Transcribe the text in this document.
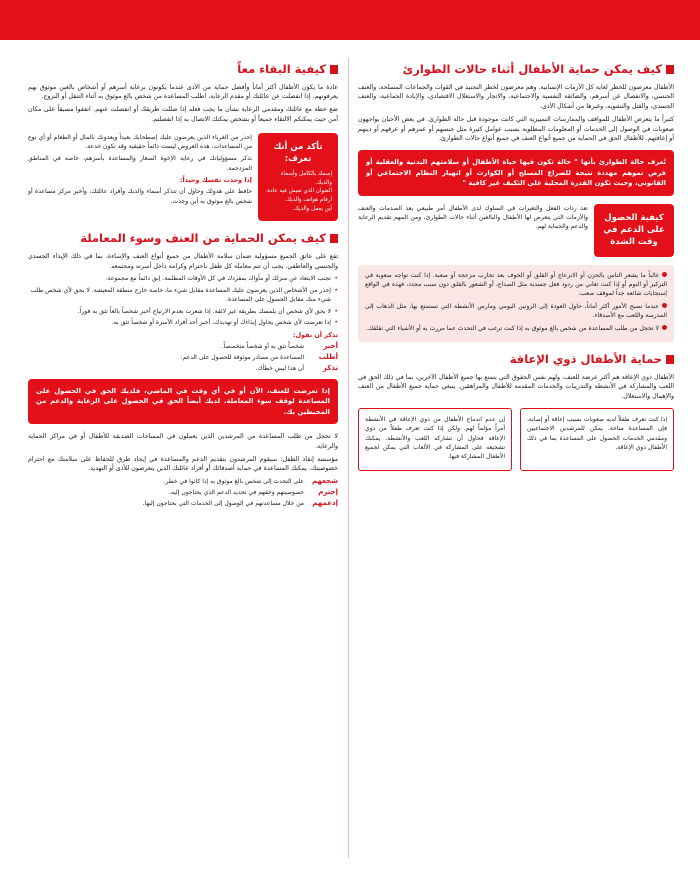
كيف يمكن حماية الأطفال أثناء حالات الطوارئ

الأطفال معرضون للخطر لغاية كل الأزمات الإنسانية. وهم معرضون لخطر التجنيد في القوات والجماعات المسلحة، والعنف الجنسي، والانفصال عن أسرهم، والضائقة النفسية والاجتماعية، والاتجار والاستغلال الاقتصادي، والإبادة الجماعية، والعنف الجسدي، والقتل والتشويه، وغيرها من أشكال الأذى.

كثيراً ما يتعرض الأطفال للمواقف والممارسات التمييزية التي كانت موجودة قبل حالة الطوارئ. في بعض الأحيان يواجهون صعوبات في الوصول إلى الخدمات أو المعلومات المطلوبة بسبب عوامل كثيرة مثل جنسهم أو عمرهم أو عرقهم أو دينهم أو إعاقتهم. للأطفال الحق في الحماية من جميع أنواع العنف في جميع أنواع حالات الطوارئ.

تُعرف حالة الطوارئ بأنها " حالة تكون فيها حياة الأطفال أو سلامتهم البدنية والعقلية أو فرص نموهم مهددة نتيجة للصراع المسلح أو الكوارث أو انهيار النظام الاجتماعي أو القانوني، وحيث تكون القدرة المحلية على التكيف غير كافية "

كيفية الحصول على الدعم في وقت الشدة

تعد ردات الفعل والتغيرات في السلوك لدى الأطفال أمر طبيعي بعد الصدمات والعنف والأزمات التي يتعرض لها الأطفال والبالغين أثناء حالات الطوارئ، ومن المهم تقديم الرعاية والدعم والحماية لهم.

غالباً ما يشعر الناس بالحزن أو الانزعاج أو القلق أو الخوف بعد تجارب مزعجة أو صعبة. إذا كنت تواجه صعوبة في التركيز أو النوم أو إذا كنت تعاني من ردود فعل جسدية مثل الصداع، أو الشعور بالقلق دون سبب محدد، فهذه في الواقع إستجابات شائعة جداً لموقف صعب.

عندما تصبح الأمور أكثر أماناً، حاول العودة إلى الروتين اليومي ومارس الأنشطة التي تستمتع بها، مثل الذهاب إلى المدرسة واللعب مع الأصدقاء.

لا تخجل من طلب المساعدة من شخص بالغ موثوق به إذا كنت ترغب في التحدث عما مررت به أو الأشياء التي تقلقك.

حماية الأطفال ذوي الإعاقة

الأطفال ذوي الإعاقة هم أكثر عرضة للعنف، ولهم نفس الحقوق التي يتمتع بها جميع الأطفال الآخرين، بما في ذلك الحق في اللعب والمشاركة في الأنشطة والتدريبات والخدمات المقدمة للأطفال والمراهقين. ينبغي حماية جميع الأطفال من العنف والإهمال والاستغلال.

إذا كنت تعرف طفلاً لديه صعوبات بسبب إعاقة أو إصابة، فإن المساعدة متاحة. يمكن للمرشدين الاجتماعيين ومقدمي الخدمات الحصول على المساعدة بما في ذلك الأطفال ذوي الإعاقة.

إن عدم اندماج الأطفال من ذوي الإعاقة في الأنشطة أمراً مؤلماً لهم. ولكن إذا كنت تعرف طفلاً من ذوي الإعاقة فحاول أن تشاركه اللعب والأنشطة. يمكنك تشجيعه على المشاركة في الألعاب التي يمكن لجميع الأطفال المشاركة فيها.

كيفية البقاء معاً

عادة ما يكون الأطفال أكثر أماناً وأفضل حماية من الأذى عندما يكونون برعاية أسرهم أو أشخاص بالغين موثوق بهم يعرفونهم. إذا انفصلت عن عائلتك أو مقدم الرعاية، اطلب المساعدة من شخص بالغ موثوق به أثناء التنقل أو النزوح.

ضع خطة مع عائلتك ومقدمي الرعاية بشأن ما يجب فعله إذا ضللت طريقك أو انفصلت عنهم. اتفقوا مسبقاً على مكان آمن حيث يمكنكم الالتقاء جميعاً أو بشخص يمكنك الاتصال به إذا انفصلتم.

تأكد من أنك تعرف:
إسمك بالكامل وأسماء والديك.
العنوان الذي تعيش فيه عادة.
أرقام هواتف والديك.
أين يعمل والديك.

إحذر من الغرباء الذين يعرضون عليك إصطحابك بعيداً ويعدونك بالمال أو الطعام أو أي نوع من المساعدات. هذه العروض ليست دائماً حقيقية وقد تكون خدعة.

تذكر مسؤولياتك في رعاية الإخوة الصغار والمساعدة بأسرهم، خاصة في المناطق المزدحمة.

إذا وجدت نفسك وحيداً:

حافظ على هدوئك وحاول أن تتذكر أسماء والديك وأفراد عائلتك، وأخبر مركز مساعدة أو شخص بالغ موثوق به أين وجدت.

كيف يمكن الحماية من العنف وسوء المعاملة

تقع على عاتق الجميع مسؤولية ضمان سلامة الأطفال من جميع أنواع العنف والإساءة، بما في ذلك الإيذاء الجسدي والجنسي والعاطفي. يجب أن تتم معاملة كل طفل باحترام وكرامة داخل أسرته ومجتمعه.

• تجنب الابتعاد عن منزلك أو مأواك بمفردك في كل الأوقات المظلمة. إبق دائماً مع مجموعة.
• إحذر من الأشخاص الذين يعرضون عليك المساعدة مقابل شيء ما، خاصة خارج منطقة المعيشة. لا يحق لأي شخص طلب شيء منك مقابل الحصول على المساعدة.
• لا يحق لأي شخص أن يلمسك بطريقة غير لائقة. إذا شعرت بعدم الارتياح أخبر شخصاً بالغاً تثق به فوراً.
• إذا تعرضت لأي شخص يحاول إيذاءك أو تهديدك، أخبر أحد أفراد الأسرة أو شخصاً تثق به.
تذكر أن تقول:
أخبر
شخصاً تثق به أو شخصاً متخصصاً.
أطلب
المساعدة من مصادر موثوقة للحصول على الدعم.
تذكر
أن هذا ليس خطأك.

إذا تعرضت للعنف، الآن أو في أي وقت في الماضي، فلديك الحق في الحصول على المساعدة لوقف سوء المعاملة. لديك أيضاً الحق في الحصول على الرعاية والدعم من المحيطين بك.

لا تخجل من طلب المساعدة من المرشدين الذين يعملون في المساحات الصديقة للأطفال أو في مراكز الحماية والرعاية.

مؤسسة إنقاذ الطفل: سيقوم المرشدون بتقديم الدعم والمساعدة في إيجاد طرق للحفاظ على سلامتك مع احترام خصوصيتك. يمكنك المساعدة في حماية أصدقائك أو أفراد عائلتك الذين يتعرضون للأذى أو التهديد.

شجعهم
على التحدث إلى شخص بالغ موثوق به إذا كانوا في خطر.
إحترم
خصوصيتهم وحقهم في تحديد الدعم الذي يحتاجون إليه.
إدعمهم
من خلال مساعدتهم في الوصول إلى الخدمات التي يحتاجون إليها.
